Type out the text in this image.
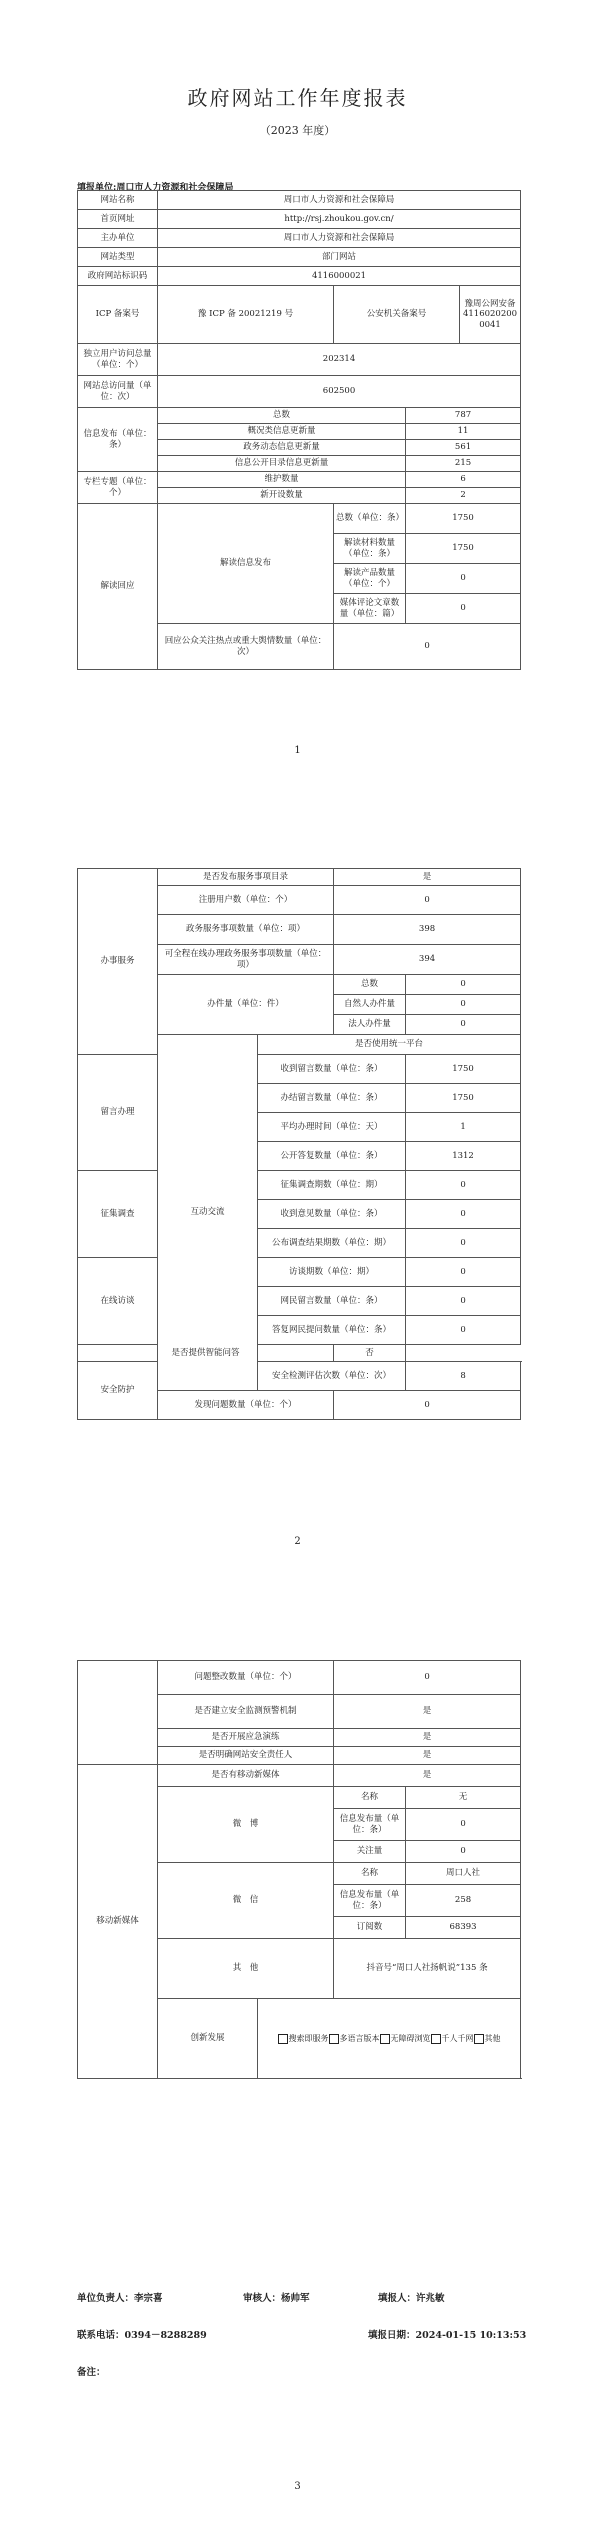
政府网站工作年度报表
（2023 年度）
填报单位:周口市人力资源和社会保障局
网站名称	周口市人力资源和社会保障局			
首页网址	http://rsj.zhoukou.gov.cn/			
主办单位	周口市人力资源和社会保障局			
网站类型	部门网站			
政府网站标识码	4116000021			
ICP 备案号	豫 ICP 备 20021219 号	公安机关备案号		豫周公网安备41160202000041
独立用户访问总量（单位：个）	202314			
网站总访问量（单位：次）	602500			
信息发布（单位：条）	总数		787	
	概况类信息更新量		11	
	政务动态信息更新量		561	
	信息公开目录信息更新量		215	
专栏专题（单位：个）	维护数量		6	
	新开设数量		2	
解读回应	解读信息发布	总数（单位：条）	1750	
		解读材料数量（单位：条）	1750	
		解读产品数量（单位：个）	0	
		媒体评论文章数量（单位：篇）	0	
	回应公众关注热点或重大舆情数量（单位：次）	0		
1
办事服务	是否发布服务事项目录		是		
	注册用户数（单位：个）		0		
	政务服务事项数量（单位：项）		398		
	可全程在线办理政务服务事项数量（单位：项）		394		
	办件量（单位：件）		总数	0	
			自然人办件量	0	
			法人办件量	0	
	互动交流	是否使用统一平台	
留言办理		收到留言数量（单位：条）		1750	
		办结留言数量（单位：条）		1750	
		平均办理时间（单位：天）		1	
		公开答复数量（单位：条）		1312	
征集调查		征集调查期数（单位：期）		0	
		收到意见数量（单位：条）		0	
		公布调查结果期数（单位：期）		0	
在线访谈		访谈期数（单位：期）		0	
		网民留言数量（单位：条）		0	
		答复网民提问数量（单位：条）		0	
是否提供智能问答			否		
安全防护		安全检测评估次数（单位：次）		8	
	发现问题数量（单位：个）		0		
2
	问题整改数量（单位：个）		0	
	是否建立安全监测预警机制		是	
	是否开展应急演练		是	
	是否明确网站安全责任人		是	
移动新媒体	是否有移动新媒体		是	
	微　博		名称	无
			信息发布量（单位：条）	0
			关注量	0
	微　信		名称	周口人社
			信息发布量（单位：条）	258
			订阅数	68393
	其　他		抖音号“周口人社扬帆说”135 条	
	创新发展	搜索即服务 多语言版本 无障碍浏览 千人千网 其他		
单位负责人：李宗喜	审核人：杨帅军	填报人：许兆敏
联系电话：0394－8288289	填报日期：2024-01-15 10:13:53
备注：
3
